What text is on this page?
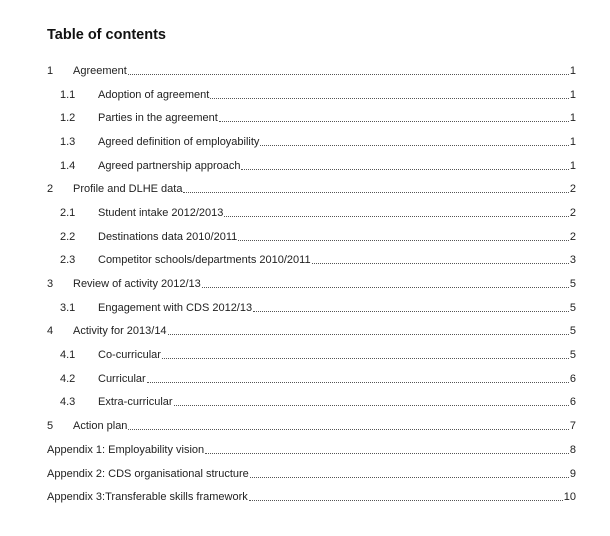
Table of contents
1 Agreement	1
1.1 Adoption of agreement	1
1.2 Parties in the agreement	1
1.3 Agreed definition of employability	1
1.4 Agreed partnership approach	1
2 Profile and DLHE data	2
2.1 Student intake 2012/2013	2
2.2 Destinations data 2010/2011	2
2.3 Competitor schools/departments 2010/2011	3
3 Review of activity 2012/13	5
3.1 Engagement with CDS 2012/13	5
4 Activity for 2013/14	5
4.1 Co-curricular	5
4.2 Curricular	6
4.3 Extra-curricular	6
5 Action plan	7
Appendix 1: Employability vision	8
Appendix 2: CDS organisational structure	9
Appendix 3:Transferable skills framework	10
